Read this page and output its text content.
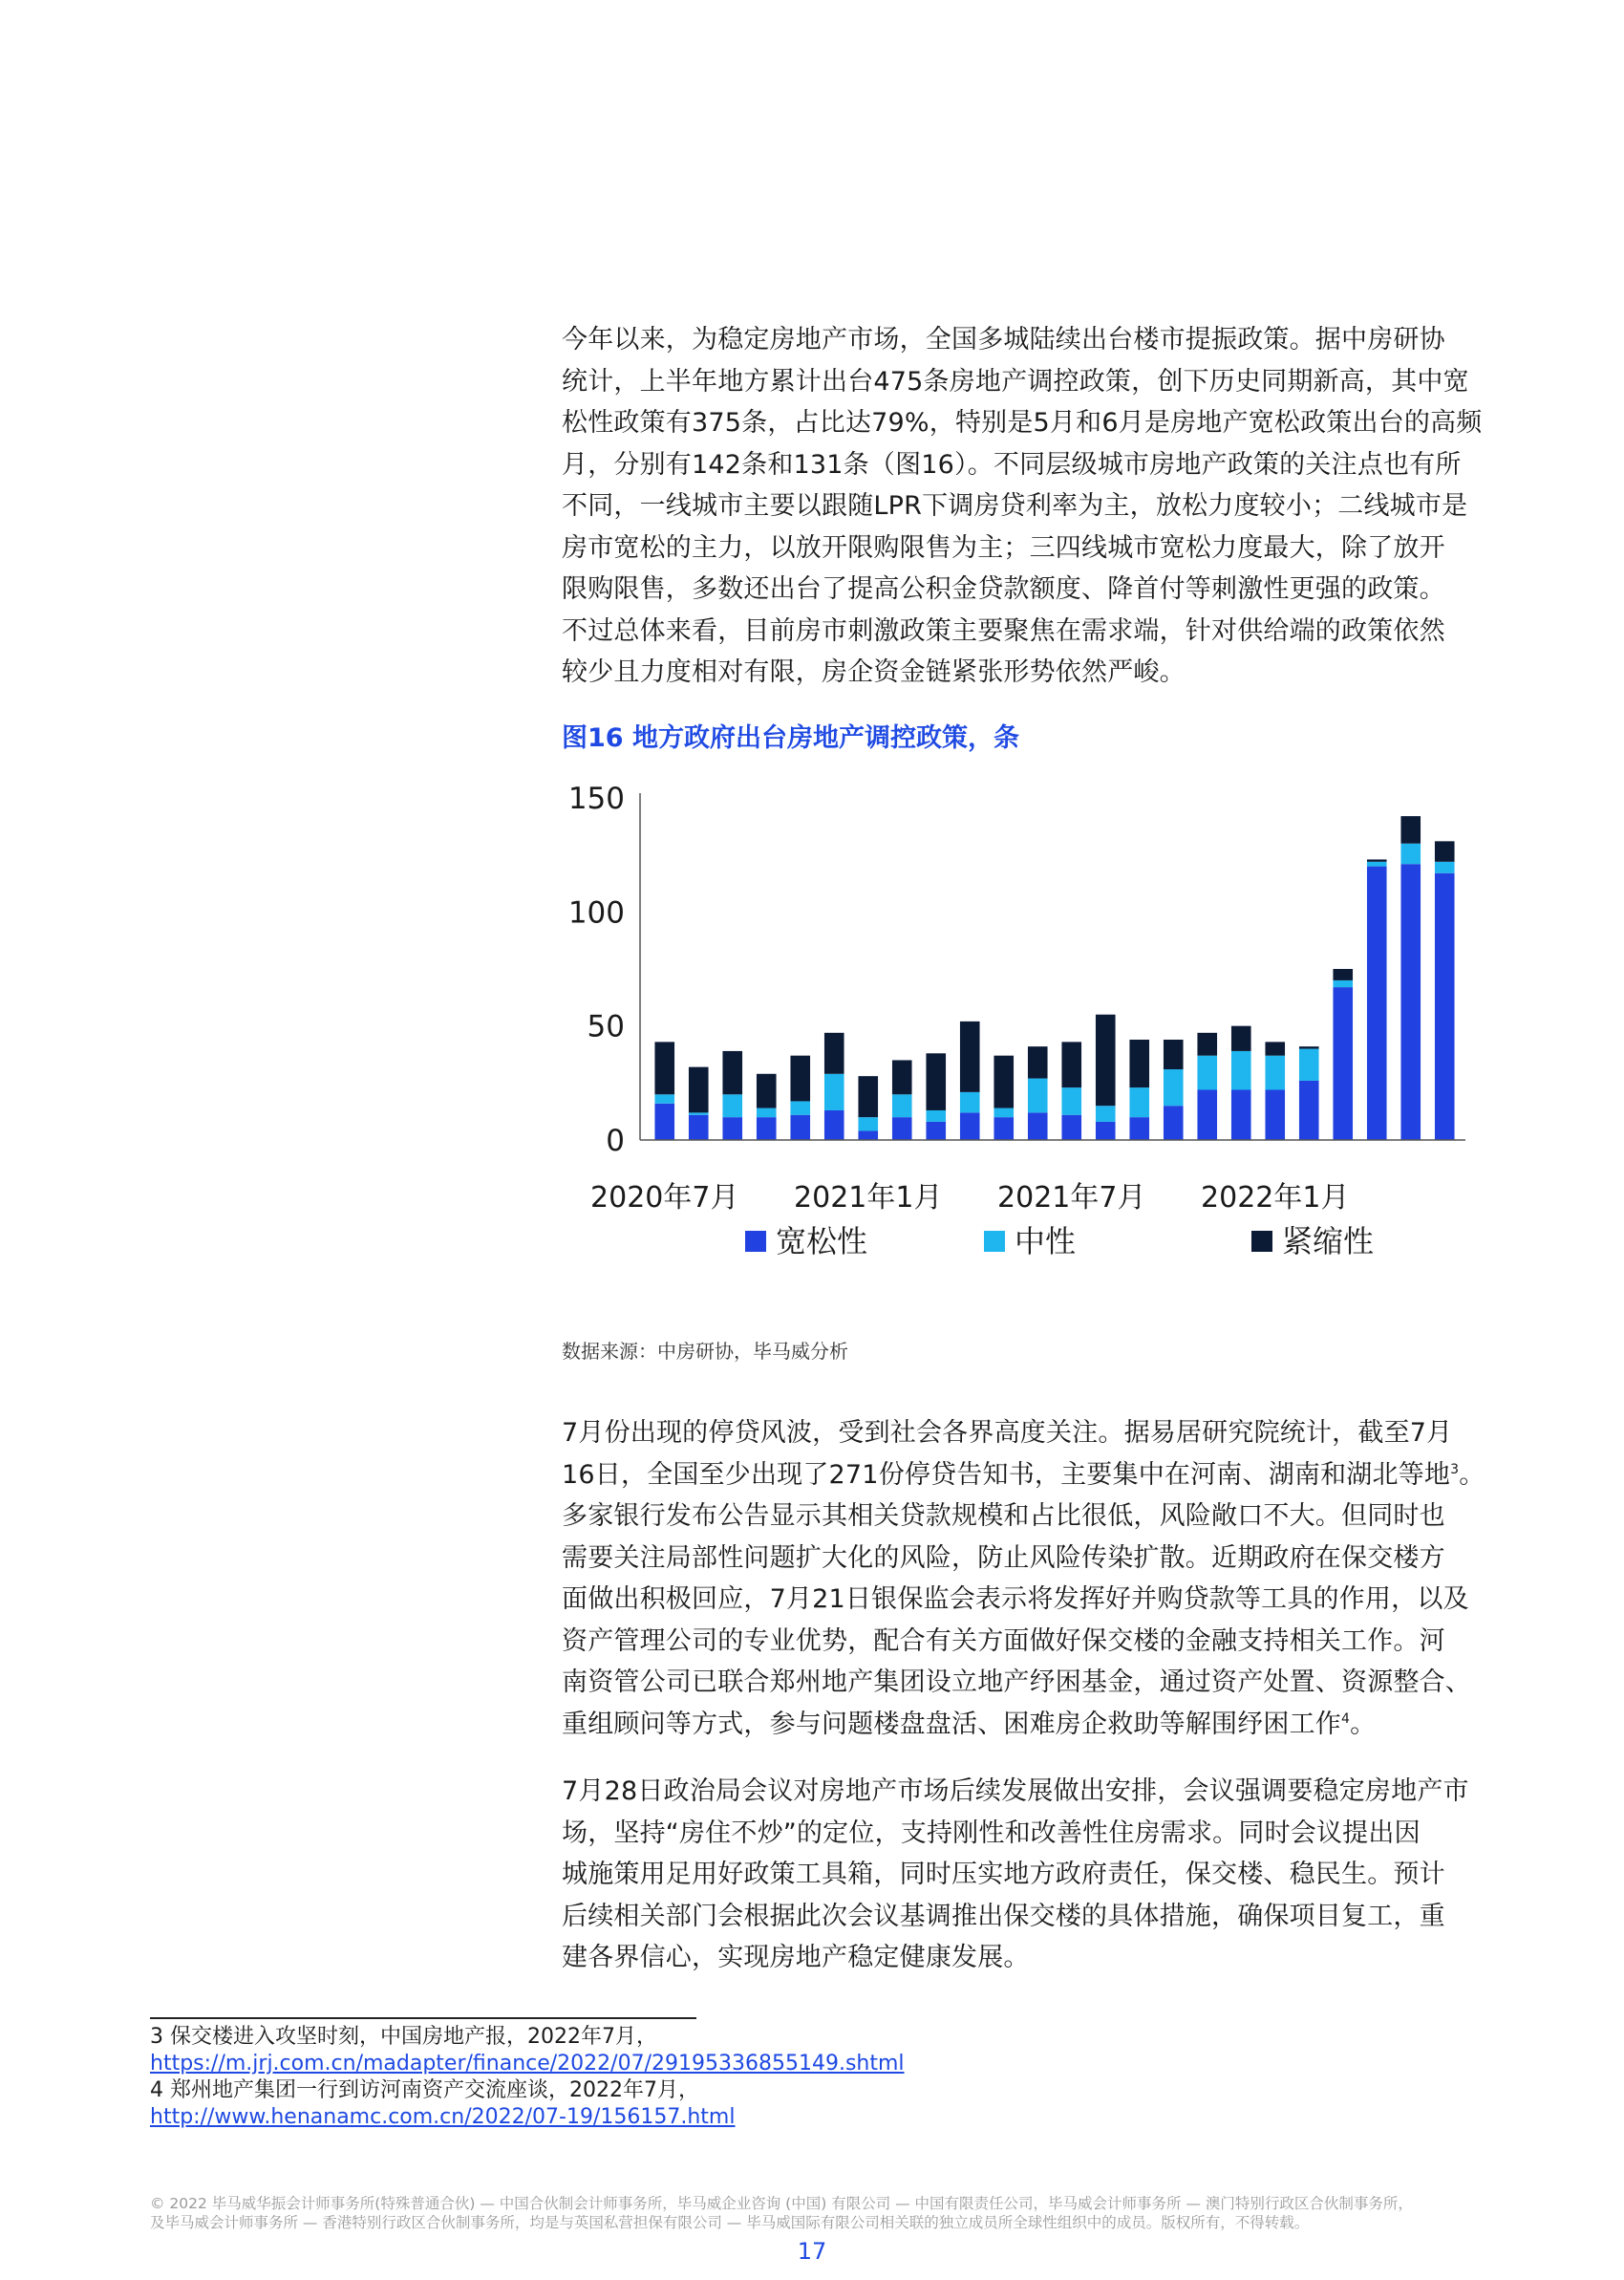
今年以来，为稳定房地产市场，全国多城陆续出台楼市提振政策。据中房研协

统计，上半年地方累计出台475条房地产调控政策，创下历史同期新高，其中宽

松性政策有375条，占比达79%，特别是5月和6月是房地产宽松政策出台的高频

月，分别有142条和131条（图16）。不同层级城市房地产政策的关注点也有所

不同，一线城市主要以跟随LPR下调房贷利率为主，放松力度较小；二线城市是

房市宽松的主力，以放开限购限售为主；三四线城市宽松力度最大，除了放开

限购限售，多数还出台了提高公积金贷款额度、降首付等刺激性更强的政策。

不过总体来看，目前房市刺激政策主要聚焦在需求端，针对供给端的政策依然

较少且力度相对有限，房企资金链紧张形势依然严峻。

图16 地方政府出台房地产调控政策，条
0
50
100
150
2020年7月 2021年1月 2021年7月 2022年1月
宽松性	中性	紧缩性
数据来源：中房研协，毕马威分析

7月份出现的停贷风波，受到社会各界高度关注。据易居研究院统计，截至7月

16日，全国至少出现了271份停贷告知书，主要集中在河南、湖南和湖北等地$^3$。

多家银行发布公告显示其相关贷款规模和占比很低，风险敞口不大。但同时也

需要关注局部性问题扩大化的风险，防止风险传染扩散。近期政府在保交楼方

面做出积极回应，7月21日银保监会表示将发挥好并购贷款等工具的作用，以及

资产管理公司的专业优势，配合有关方面做好保交楼的金融支持相关工作。河

南资管公司已联合郑州地产集团设立地产纾困基金，通过资产处置、资源整合、

重组顾问等方式，参与问题楼盘盘活、困难房企救助等解围纾困工作$^4$。

7月28日政治局会议对房地产市场后续发展做出安排，会议强调要稳定房地产市

场，坚持“房住不炒”的定位，支持刚性和改善性住房需求。同时会议提出因

城施策用足用好政策工具箱，同时压实地方政府责任，保交楼、稳民生。预计

后续相关部门会根据此次会议基调推出保交楼的具体措施，确保项目复工，重

建各界信心，实现房地产稳定健康发展。

3 保交楼进入攻坚时刻，中国房地产报，2022年7月，
https://m.jrj.com.cn/madapter/finance/2022/07/29195336855149.shtml
4 郑州地产集团一行到访河南资产交流座谈，2022年7月，
http://www.henanamc.com.cn/2022/07-19/156157.html
© 2022 毕马威华振会计师事务所(特殊普通合伙) — 中国合伙制会计师事务所，毕马威企业咨询 (中国) 有限公司 — 中国有限责任公司，毕马威会计师事务所 — 澳门特别行政区合伙制事务所，
及毕马威会计师事务所 — 香港特别行政区合伙制事务所，均是与英国私营担保有限公司 — 毕马威国际有限公司相关联的独立成员所全球性组织中的成员。版权所有，不得转载。
17
